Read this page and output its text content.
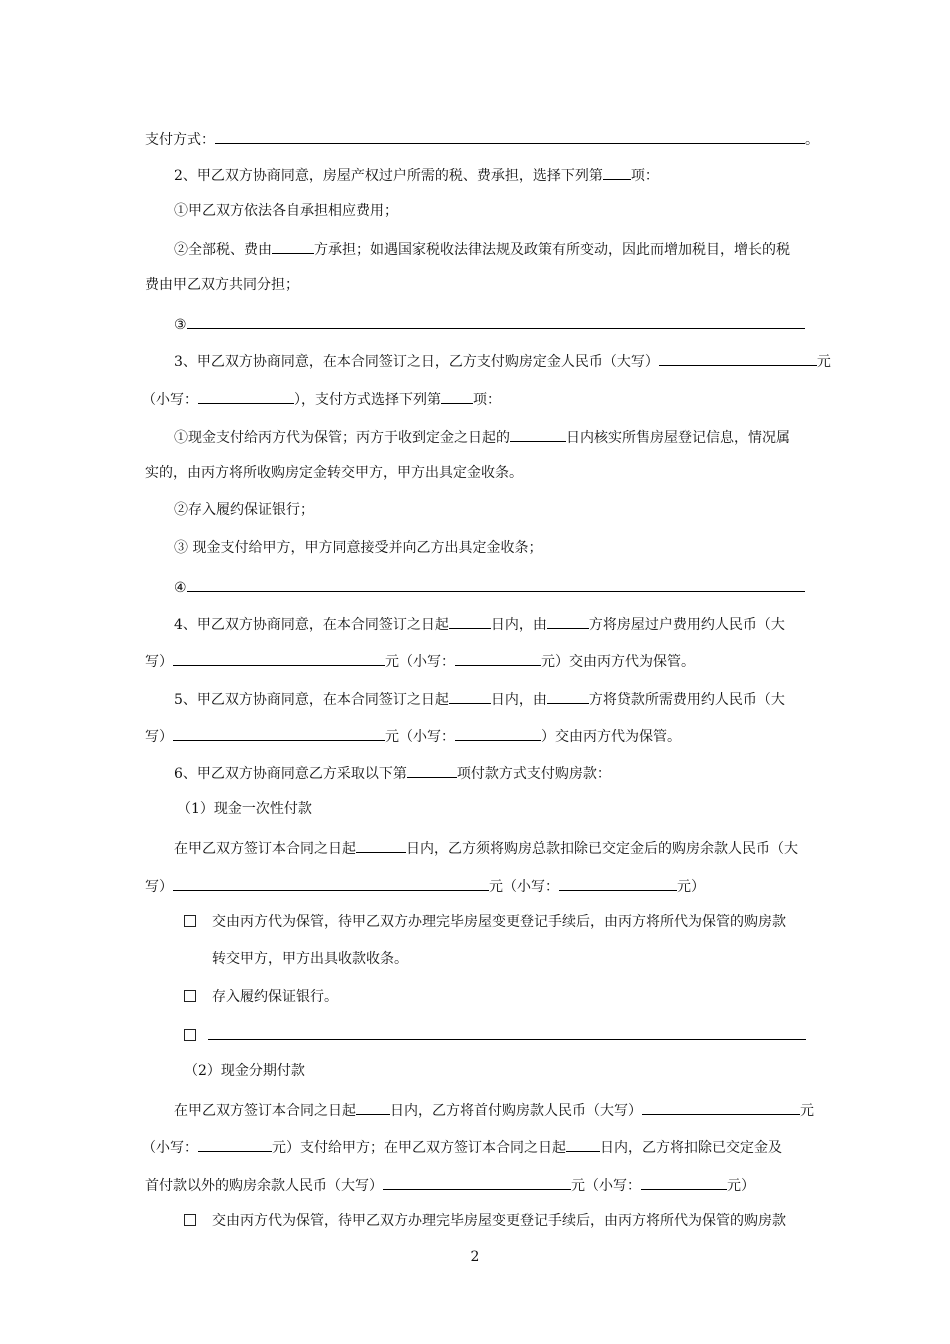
支付方式：	。
2、甲乙双方协商同意，房屋产权过户所需的税、费承担，选择下列第 项：
①甲乙双方依法各自承担相应费用；
②全部税、费由	方承担；如遇国家税收法律法规及政策有所变动，因此而增加税目，增长的税
费由甲乙双方共同分担；
③
3、甲乙双方协商同意，在本合同签订之日，乙方支付购房定金人民币（大写）	元
（小写：	），支付方式选择下列第 项：
①现金支付给丙方代为保管；丙方于收到定金之日起的	日内核实所售房屋登记信息，情况属
实的，由丙方将所收购房定金转交甲方，甲方出具定金收条。
②存入履约保证银行；
③ 现金支付给甲方，甲方同意接受并向乙方出具定金收条；
④
4、甲乙双方协商同意，在本合同签订之日起	日内，由	方将房屋过户费用约人民币（大
写）	元（小写：	元）交由丙方代为保管。
5、甲乙双方协商同意，在本合同签订之日起	日内，由	方将贷款所需费用约人民币（大
写）	元（小写：	）交由丙方代为保管。
6、甲乙双方协商同意乙方采取以下第	项付款方式支付购房款：
（1）现金一次性付款
在甲乙双方签订本合同之日起	日内，乙方须将购房总款扣除已交定金后的购房余款人民币（大
写）	元（小写：	元）
交由丙方代为保管，待甲乙双方办理完毕房屋变更登记手续后，由丙方将所代为保管的购房款
转交甲方，甲方出具收款收条。
存入履约保证银行。
（2）现金分期付款
在甲乙双方签订本合同之日起 日内，乙方将首付购房款人民币（大写）	元
（小写：	元）支付给甲方；在甲乙双方签订本合同之日起 日内，乙方将扣除已交定金及
首付款以外的购房余款人民币（大写）	元（小写：	元）
交由丙方代为保管，待甲乙双方办理完毕房屋变更登记手续后，由丙方将所代为保管的购房款
2
